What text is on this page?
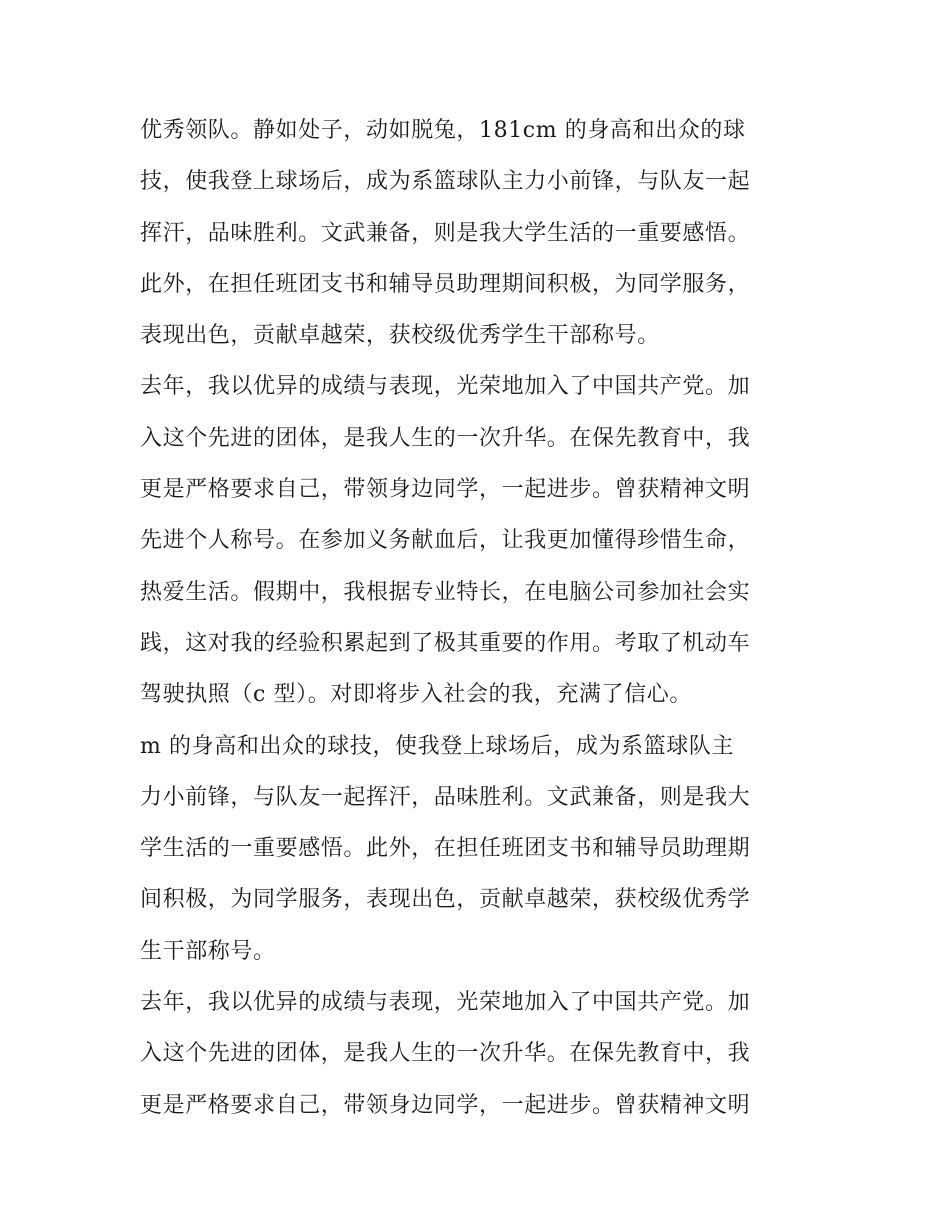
优秀领队。静如处子，动如脱兔，181cm 的身高和出众的球
技，使我登上球场后，成为系篮球队主力小前锋，与队友一起
挥汗，品味胜利。文武兼备，则是我大学生活的一重要感悟。
此外，在担任班团支书和辅导员助理期间积极，为同学服务，
表现出色，贡献卓越荣，获校级优秀学生干部称号。
去年，我以优异的成绩与表现，光荣地加入了中国共产党。加
入这个先进的团体，是我人生的一次升华。在保先教育中，我
更是严格要求自己，带领身边同学，一起进步。曾获精神文明
先进个人称号。在参加义务献血后，让我更加懂得珍惜生命，
热爱生活。假期中，我根据专业特长，在电脑公司参加社会实
践，这对我的经验积累起到了极其重要的作用。考取了机动车
驾驶执照（c 型）。对即将步入社会的我，充满了信心。
m 的身高和出众的球技，使我登上球场后，成为系篮球队主
力小前锋，与队友一起挥汗，品味胜利。文武兼备，则是我大
学生活的一重要感悟。此外，在担任班团支书和辅导员助理期
间积极，为同学服务，表现出色，贡献卓越荣，获校级优秀学
生干部称号。
去年，我以优异的成绩与表现，光荣地加入了中国共产党。加
入这个先进的团体，是我人生的一次升华。在保先教育中，我
更是严格要求自己，带领身边同学，一起进步。曾获精神文明
